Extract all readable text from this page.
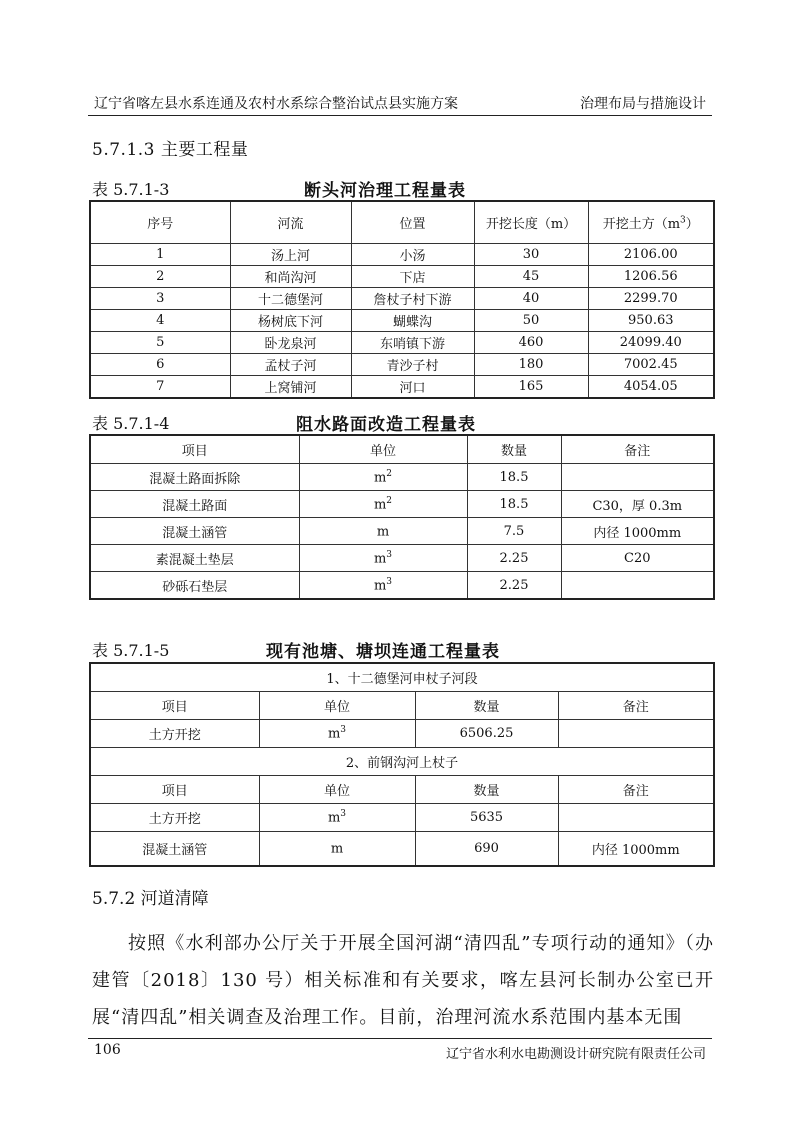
辽宁省喀左县水系连通及农村水系综合整治试点县实施方案	治理布局与措施设计
5.7.1.3 主要工程量
表 5.7.1-3	断头河治理工程量表
序号	河流	位置	开挖长度（m）	开挖土方$(m^3)$
1	汤上河	小汤	30	2106.00
2	和尚沟河	下店	45	1206.56
3	十二德堡河	詹杖子村下游	40	2299.70
4	杨树底下河	蝴蝶沟	50	950.63
5	卧龙泉河	东哨镇下游	460	24099.40
6	孟杖子河	青沙子村	180	7002.45
7	上窝铺河	河口	165	4054.05
表 5.7.1-4	阻水路面改造工程量表
项目	单位	数量	备注
混凝土路面拆除	$m^2$	18.5	
混凝土路面	$m^2$	18.5	C30，厚 0.3m
混凝土涵管	m	7.5	内径 1000mm
素混凝土垫层	$m^3$	2.25	C20
砂砾石垫层	$m^3$	2.25	
表 5.7.1-5	现有池塘、塘坝连通工程量表
1、十二德堡河申杖子河段			
项目	单位	数量	备注
土方开挖	$m^3$	6506.25	
2、前钢沟河上杖子			
项目	单位	数量	备注
土方开挖	$m^3$	5635	
混凝土涵管	m	690	内径 1000mm
5.7.2 河道清障
按照《水利部办公厅关于开展全国河湖“清四乱”专项行动的通知》（办建管〔2018〕130 号）相关标准和有关要求，喀左县河长制办公室已开展“清四乱”相关调查及治理工作。目前，治理河流水系范围内基本无围
106	辽宁省水利水电勘测设计研究院有限责任公司
